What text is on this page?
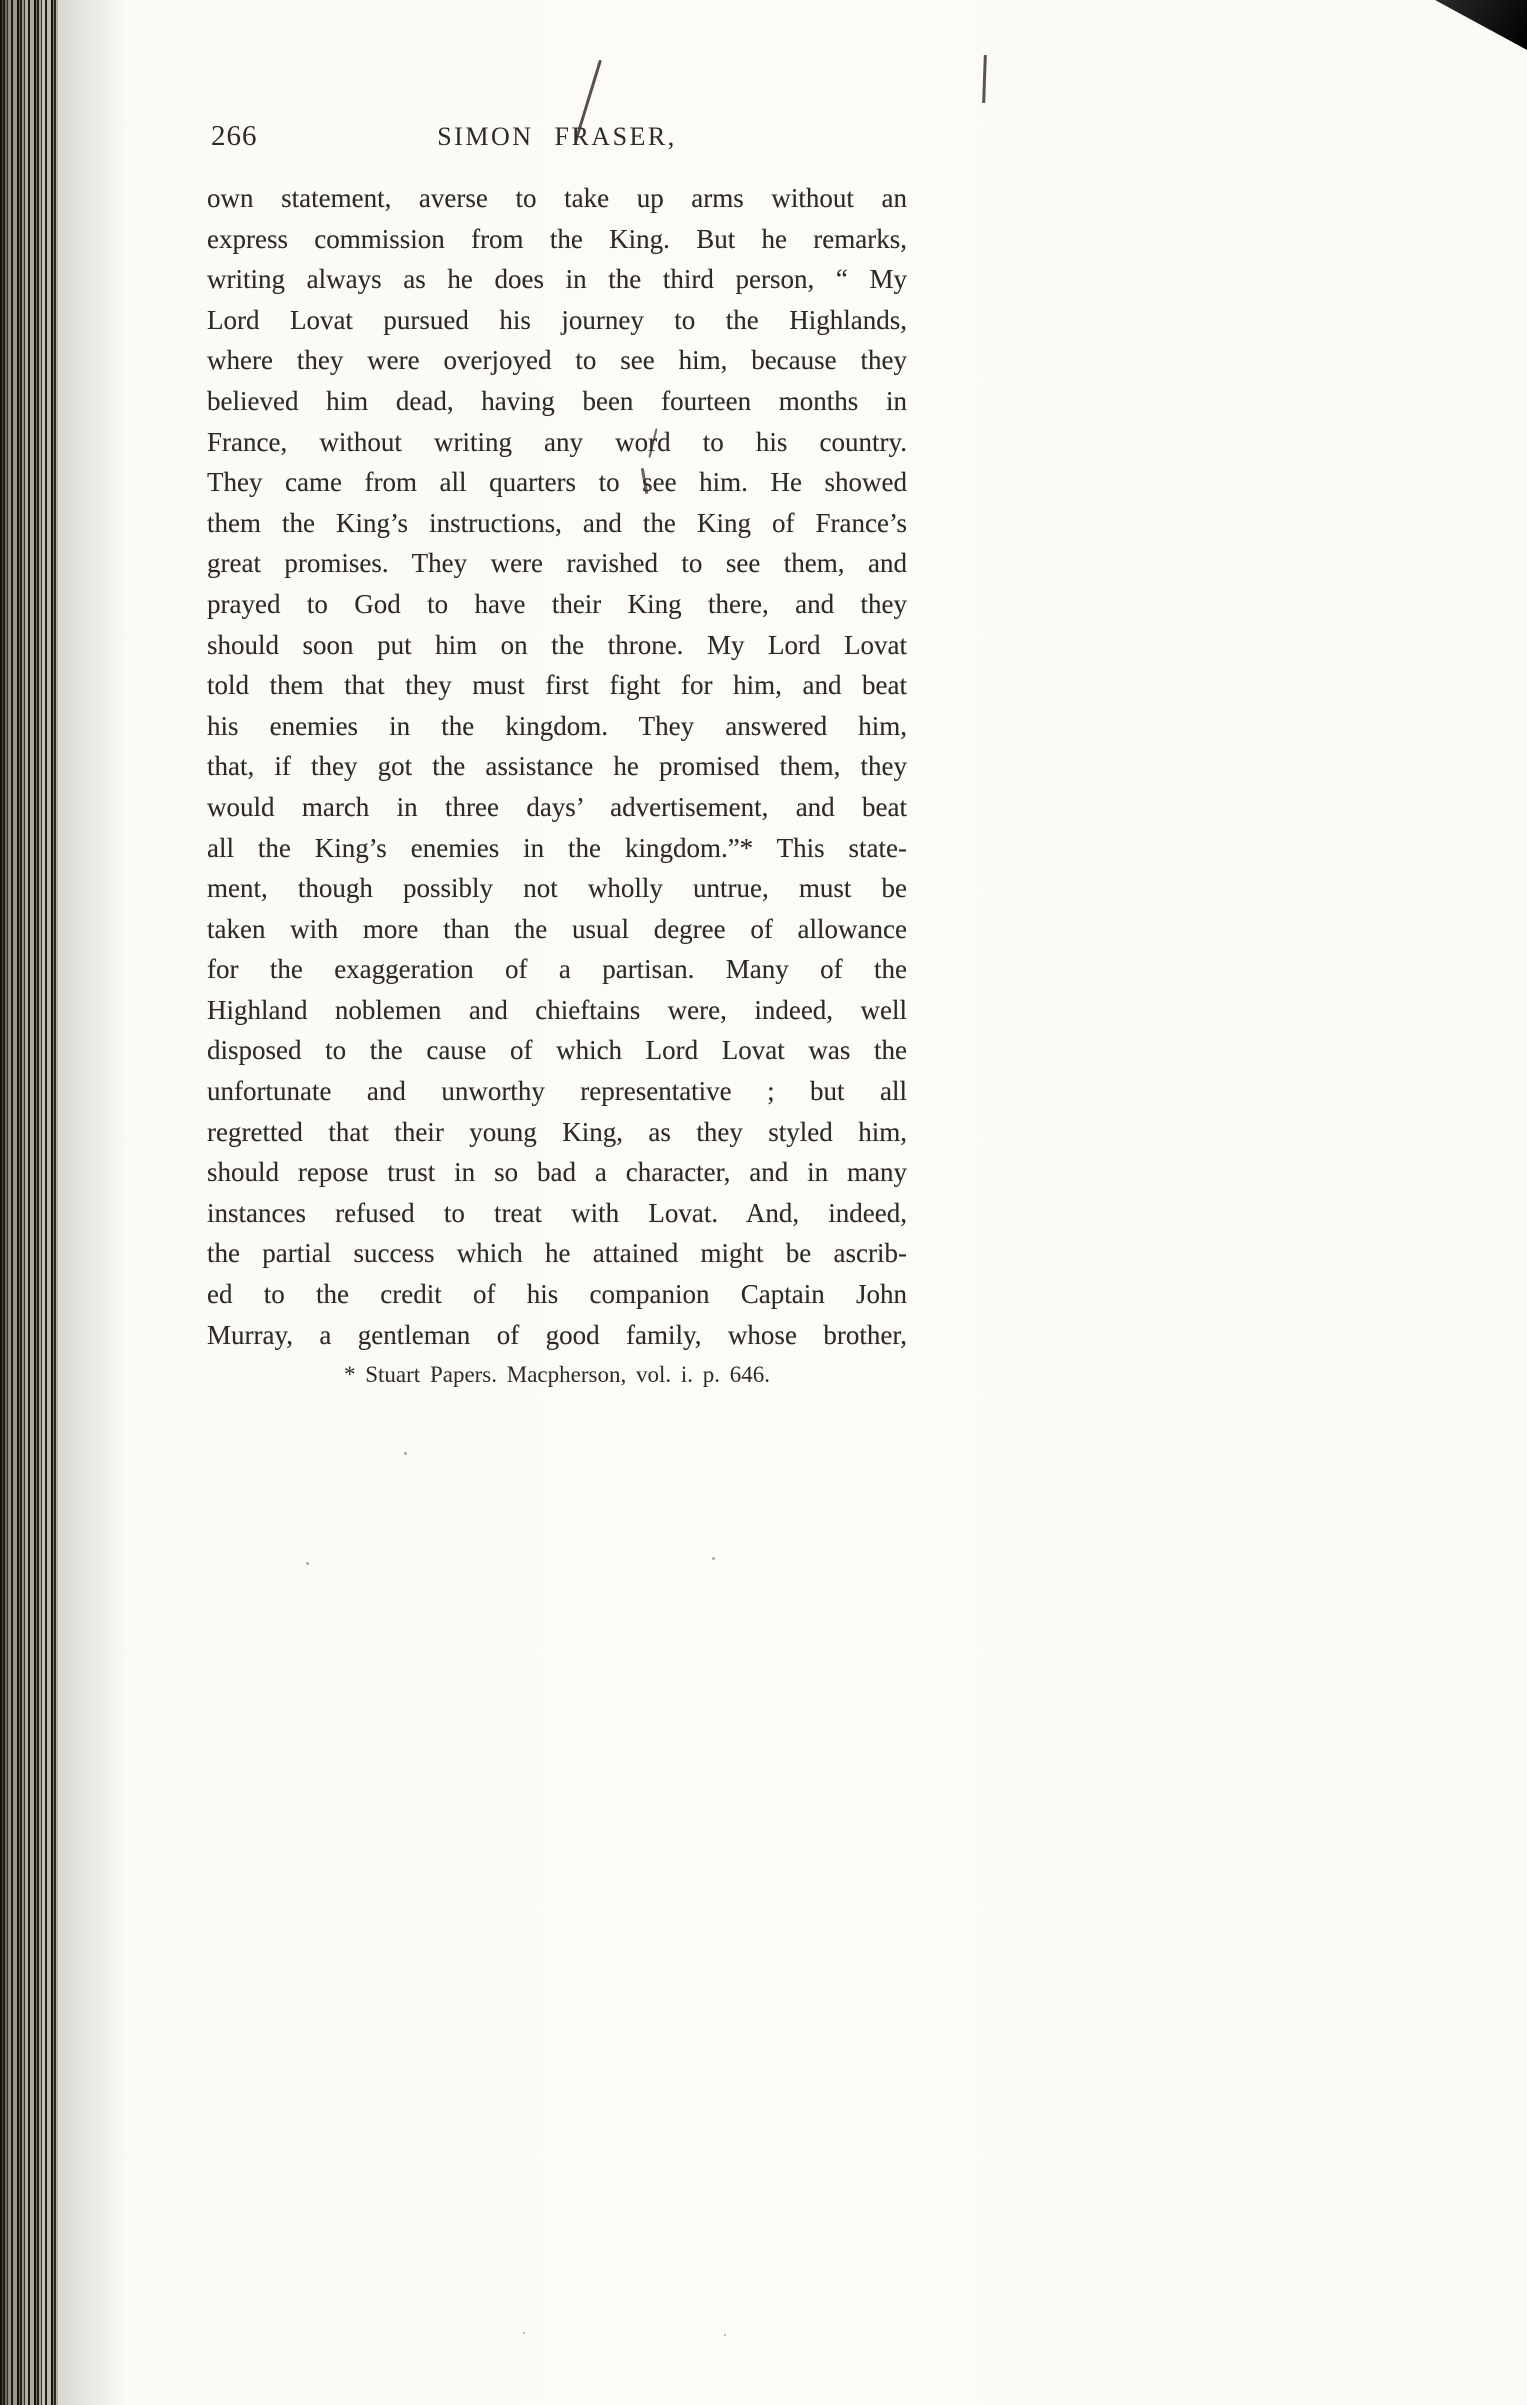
266	SIMON FRASER,
own statement, averse to take up arms without an
express commission from the King. But he remarks,
writing always as he does in the third person, “ My
Lord Lovat pursued his journey to the Highlands,
where they were overjoyed to see him, because they
believed him dead, having been fourteen months in
France, without writing any word to his country.
They came from all quarters to see him. He showed
them the King’s instructions, and the King of France’s
great promises. They were ravished to see them, and
prayed to God to have their King there, and they
should soon put him on the throne. My Lord Lovat
told them that they must first fight for him, and beat
his enemies in the kingdom. They answered him,
that, if they got the assistance he promised them, they
would march in three days’ advertisement, and beat
all the King’s enemies in the kingdom.”* This state-
ment, though possibly not wholly untrue, must be
taken with more than the usual degree of allowance
for the exaggeration of a partisan. Many of the
Highland noblemen and chieftains were, indeed, well
disposed to the cause of which Lord Lovat was the
unfortunate and unworthy representative ; but all
regretted that their young King, as they styled him,
should repose trust in so bad a character, and in many
instances refused to treat with Lovat. And, indeed,
the partial success which he attained might be ascrib-
ed to the credit of his companion Captain John
Murray, a gentleman of good family, whose brother,
* Stuart Papers. Macpherson, vol. i. p. 646.
